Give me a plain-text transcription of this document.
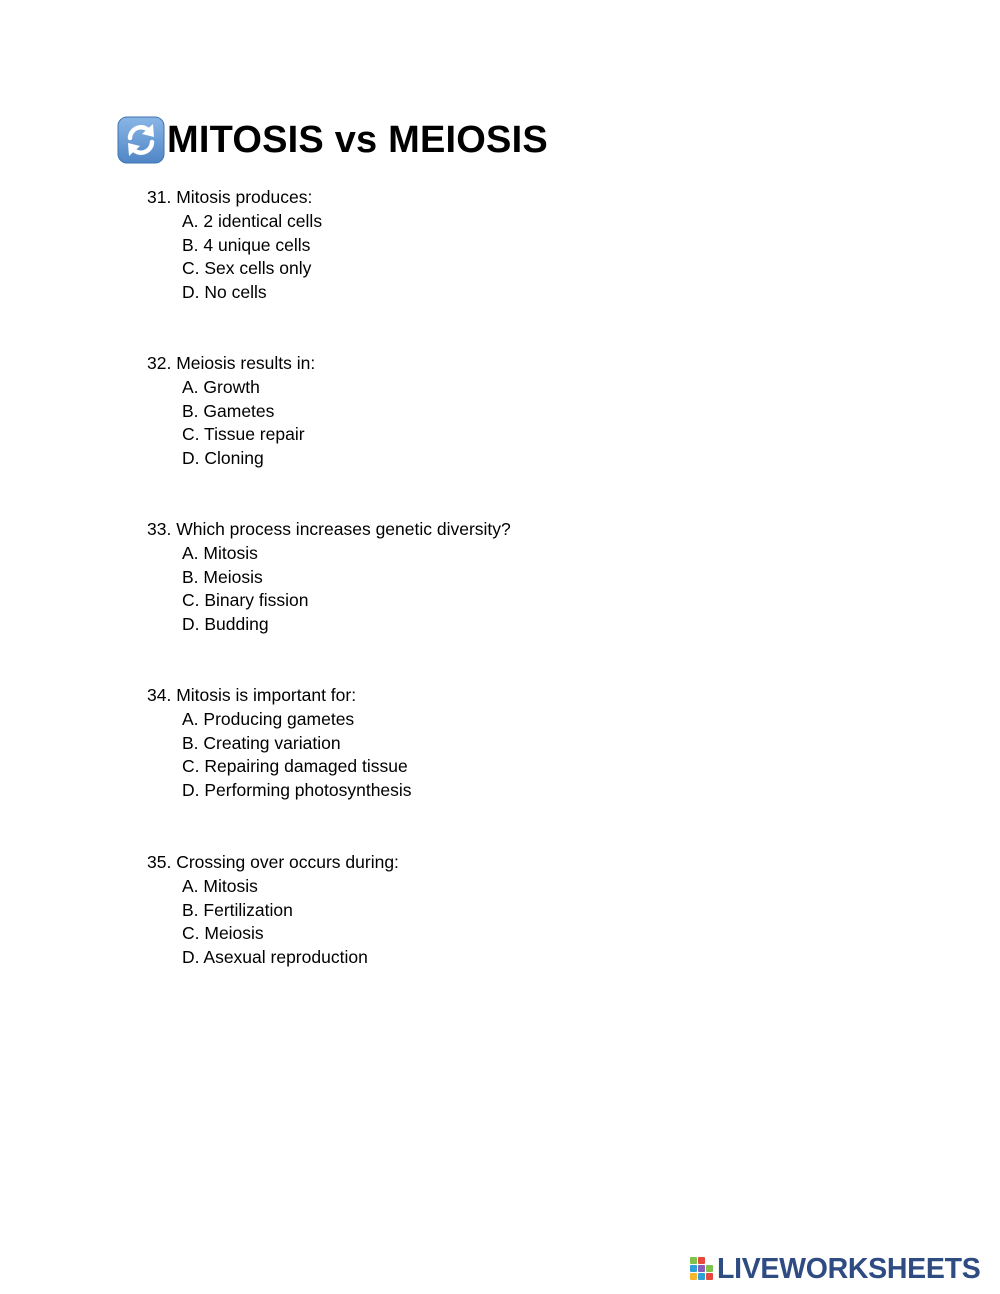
MITOSIS vs MEIOSIS
31. Mitosis produces:
A. 2 identical cells
B. 4 unique cells
C. Sex cells only
D. No cells
32. Meiosis results in:
A. Growth
B. Gametes
C. Tissue repair
D. Cloning
33. Which process increases genetic diversity?
A. Mitosis
B. Meiosis
C. Binary fission
D. Budding
34. Mitosis is important for:
A. Producing gametes
B. Creating variation
C. Repairing damaged tissue
D. Performing photosynthesis
35. Crossing over occurs during:
A. Mitosis
B. Fertilization
C. Meiosis
D. Asexual reproduction
LIVEWORKSHEETS
